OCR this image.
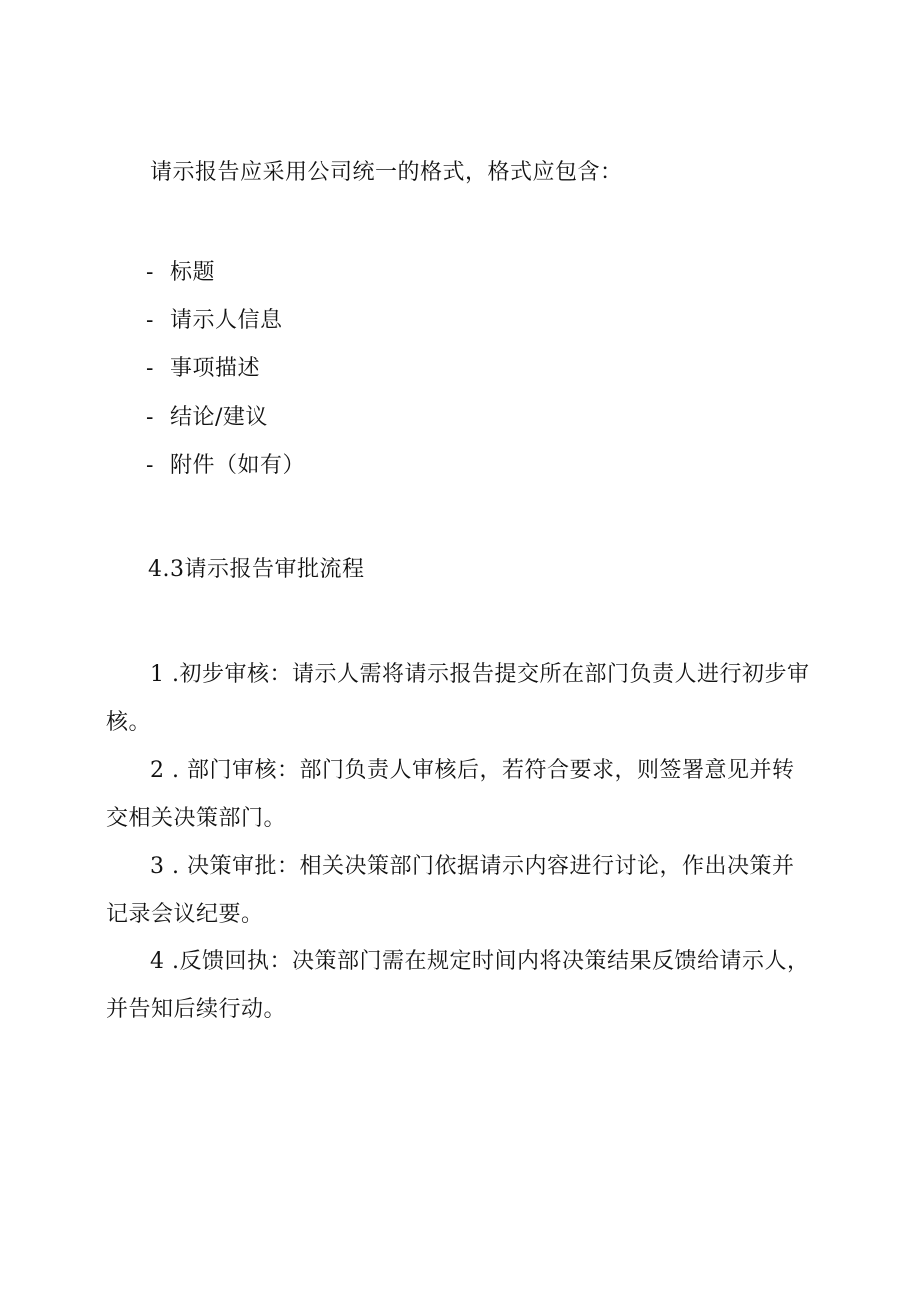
请示报告应采用公司统一的格式，格式应包含：
- 标题
- 请示人信息
- 事项描述
- 结论/建议
- 附件（如有）
4.3请示报告审批流程
1 .初步审核：请示人需将请示报告提交所在部门负责人进行初步审核。
2 . 部门审核：部门负责人审核后，若符合要求，则签署意见并转交相关决策部门。
3 . 决策审批：相关决策部门依据请示内容进行讨论，作出决策并记录会议纪要。
4 .反馈回执：决策部门需在规定时间内将决策结果反馈给请示人，并告知后续行动。
